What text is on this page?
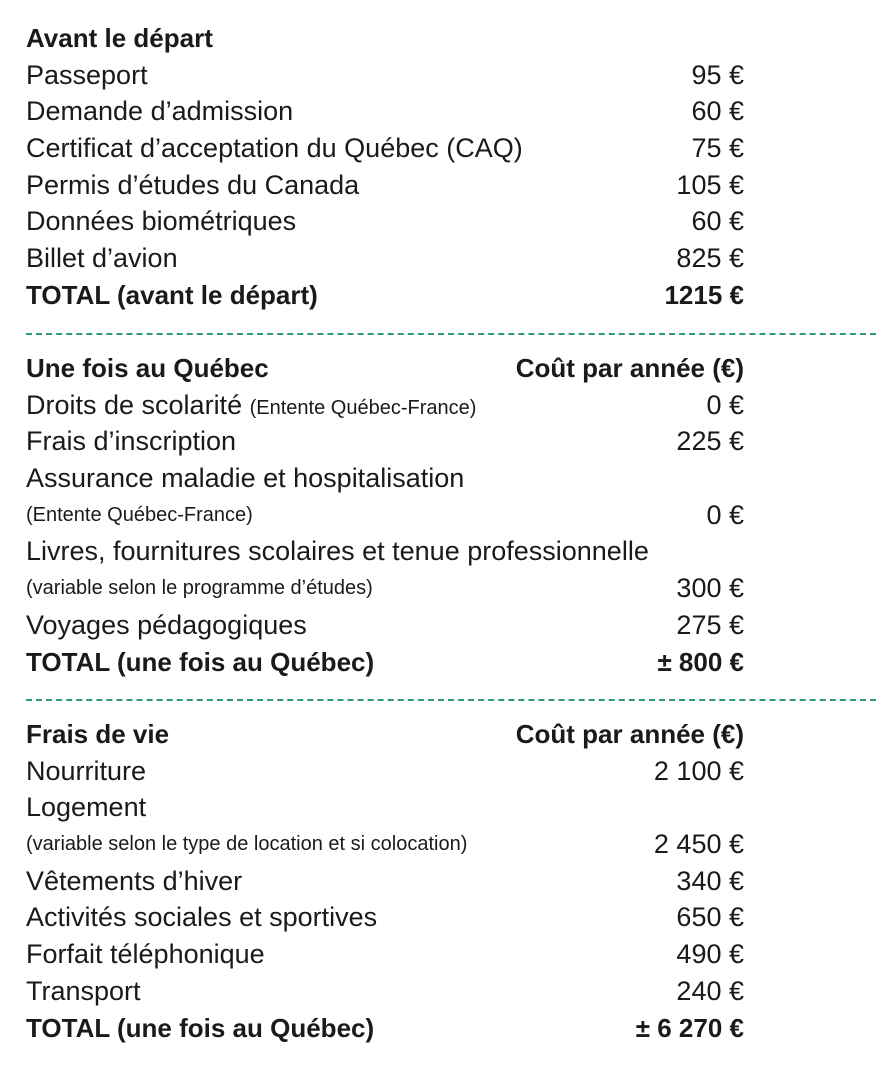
Avant le départ
Passeport	95 €
Demande d’admission	60 €
Certificat d’acceptation du Québec (CAQ)	75 €
Permis d’études du Canada	105 €
Données biométriques	60 €
Billet d’avion	825 €
TOTAL (avant le départ)	1215 €
Une fois au Québec	Coût par année (€)
Droits de scolarité (Entente Québec-France)	0 €
Frais d’inscription	225 €
Assurance maladie et hospitalisation
(Entente Québec-France)	0 €
Livres, fournitures scolaires et tenue professionnelle
(variable selon le programme d’études)	300 €
Voyages pédagogiques	275 €
TOTAL (une fois au Québec)	± 800 €
Frais de vie	Coût par année (€)
Nourriture	2 100 €
Logement
(variable selon le type de location et si colocation)	2 450 €
Vêtements d’hiver	340 €
Activités sociales et sportives	650 €
Forfait téléphonique	490 €
Transport	240 €
TOTAL (une fois au Québec)	± 6 270 €
